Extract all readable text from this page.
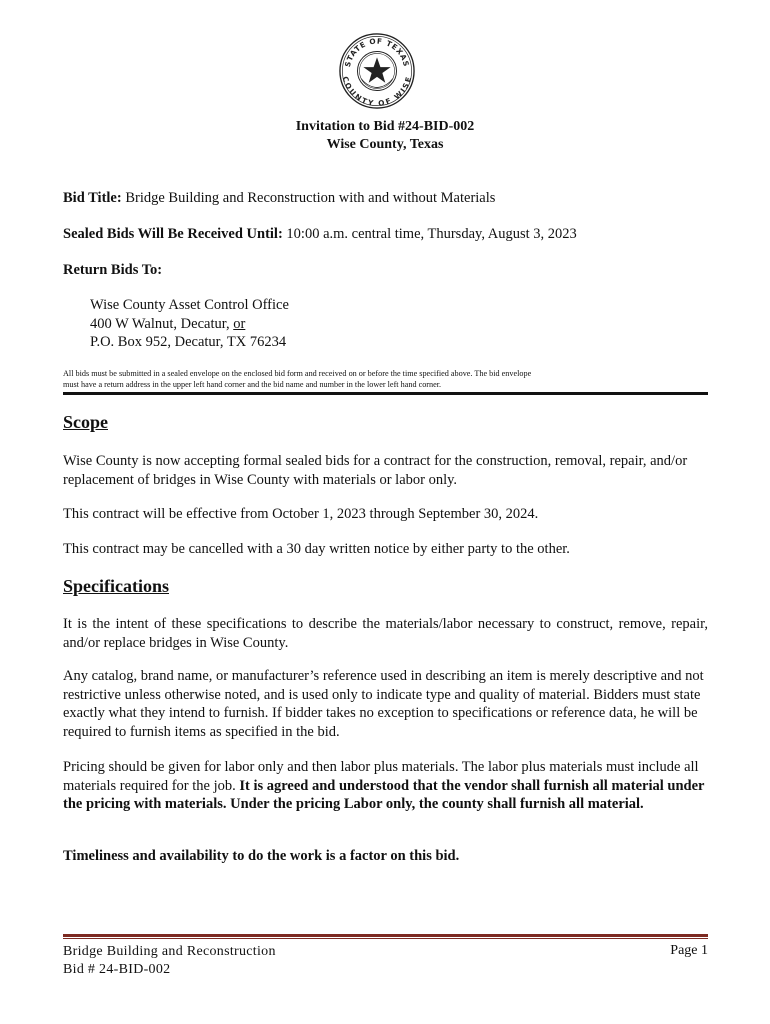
STATE OF TEXAS
COUNTY OF WISE
Invitation to Bid #24-BID-002
Wise County, Texas
Bid Title: Bridge Building and Reconstruction with and without Materials
Sealed Bids Will Be Received Until: 10:00 a.m. central time, Thursday, August 3, 2023
Return Bids To:
Wise County Asset Control Office
400 W Walnut, Decatur, or
P.O. Box 952, Decatur, TX 76234
All bids must be submitted in a sealed envelope on the enclosed bid form and received on or before the time specified above. The bid envelope
must have a return address in the upper left hand corner and the bid name and number in the lower left hand corner.
Scope
Wise County is now accepting formal sealed bids for a contract for the construction, removal, repair, and/or replacement of bridges in Wise County with materials or labor only.
This contract will be effective from October 1, 2023 through September 30, 2024.
This contract may be cancelled with a 30 day written notice by either party to the other.
Specifications
It is the intent of these specifications to describe the materials/labor necessary to construct, remove, repair, and/or replace bridges in Wise County.
Any catalog, brand name, or manufacturer’s reference used in describing an item is merely descriptive and not restrictive unless otherwise noted, and is used only to indicate type and quality of material. Bidders must state exactly what they intend to furnish. If bidder takes no exception to specifications or reference data, he will be required to furnish items as specified in the bid.
Pricing should be given for labor only and then labor plus materials. The labor plus materials must include all materials required for the job. It is agreed and understood that the vendor shall furnish all material under the pricing with materials. Under the pricing Labor only, the county shall furnish all material.
Timeliness and availability to do the work is a factor on this bid.
Bridge Building and Reconstruction
Bid # 24-BID-002
Page 1
